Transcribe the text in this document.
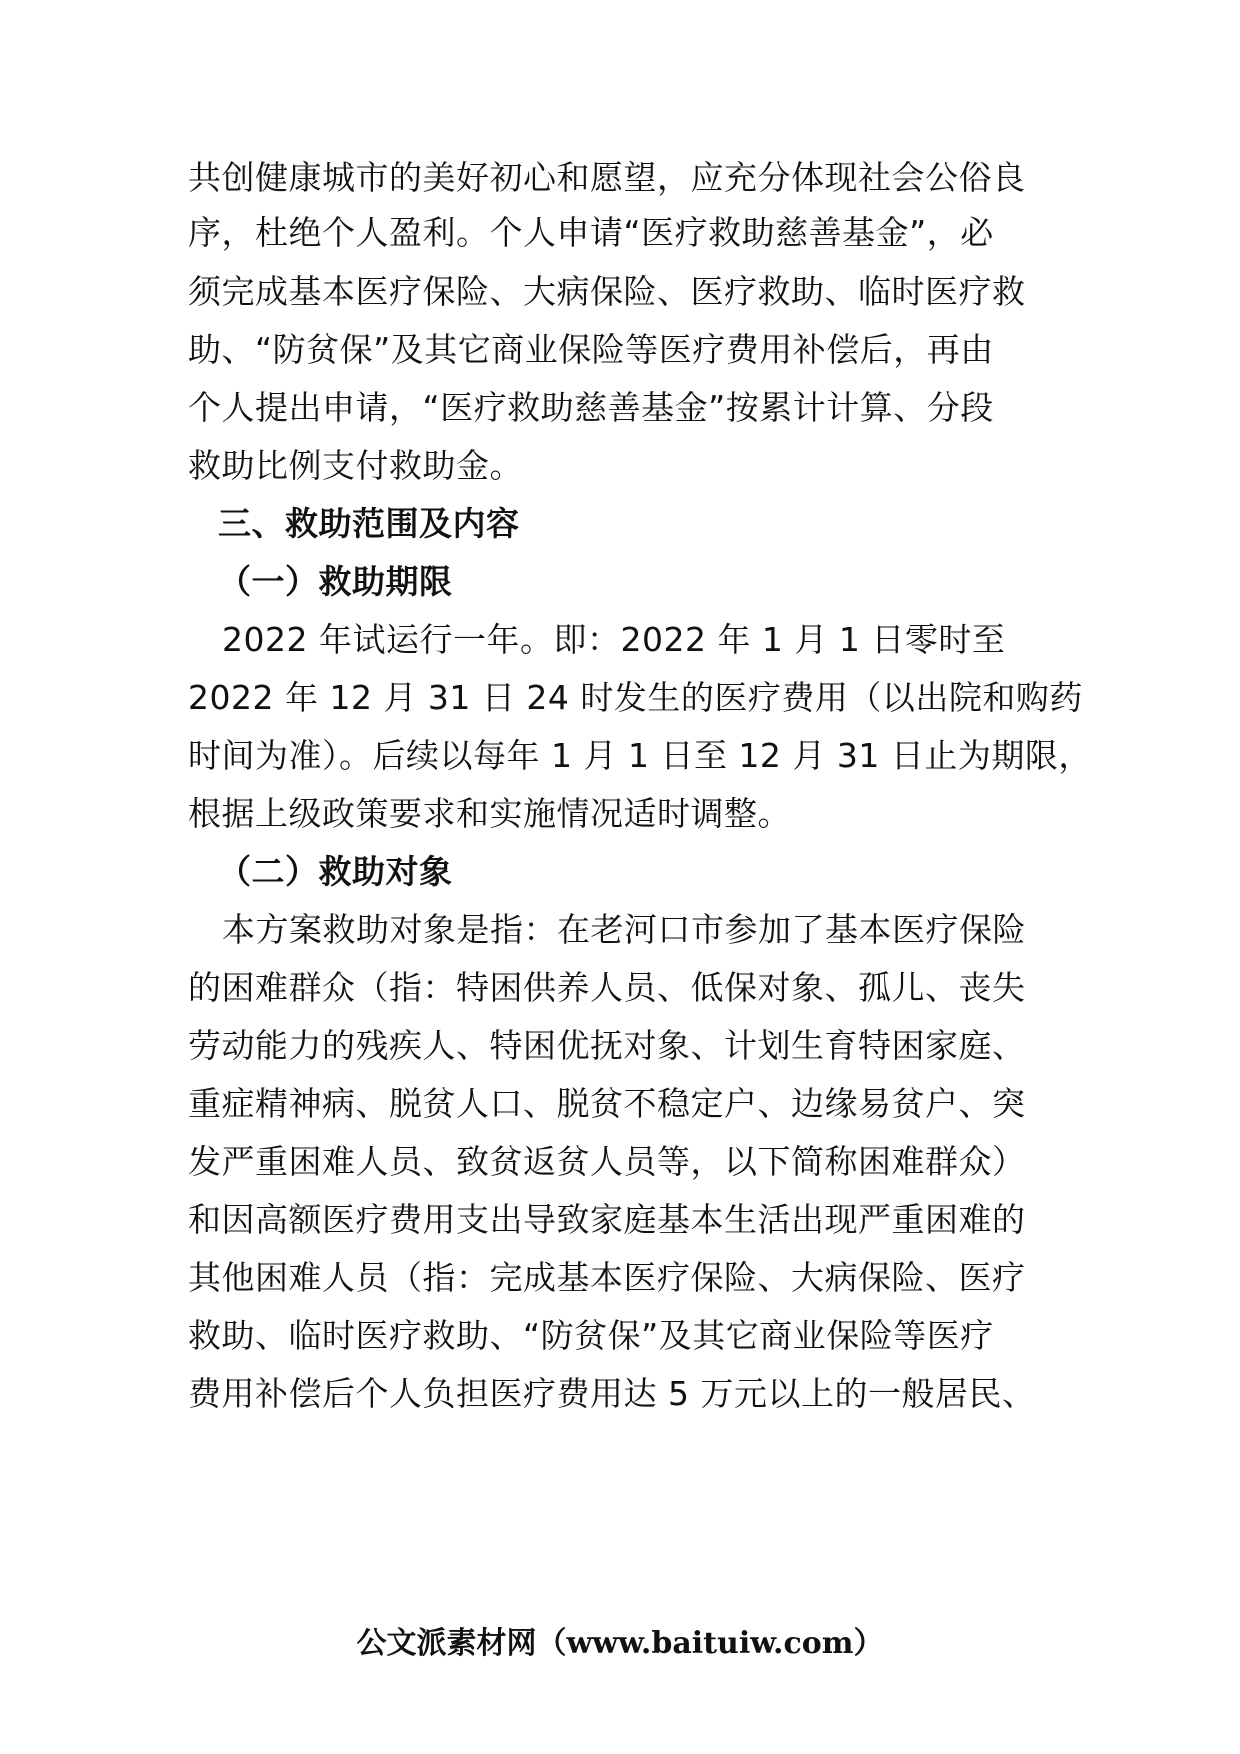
共创健康城市的美好初心和愿望，应充分体现社会公俗良
序，杜绝个人盈利。个人申请“医疗救助慈善基金”，必
须完成基本医疗保险、大病保险、医疗救助、临时医疗救
助、“防贫保”及其它商业保险等医疗费用补偿后，再由
个人提出申请，“医疗救助慈善基金”按累计计算、分段
救助比例支付救助金。
三、救助范围及内容
（一）救助期限
2022 年试运行一年。即：2022 年 1 月 1 日零时至
2022 年 12 月 31 日 24 时发生的医疗费用（以出院和购药
时间为准）。后续以每年 1 月 1 日至 12 月 31 日止为期限，
根据上级政策要求和实施情况适时调整。
（二）救助对象
本方案救助对象是指：在老河口市参加了基本医疗保险
的困难群众（指：特困供养人员、低保对象、孤儿、丧失
劳动能力的残疾人、特困优抚对象、计划生育特困家庭、
重症精神病、脱贫人口、脱贫不稳定户、边缘易贫户、突
发严重困难人员、致贫返贫人员等，以下简称困难群众）
和因高额医疗费用支出导致家庭基本生活出现严重困难的
其他困难人员（指：完成基本医疗保险、大病保险、医疗
救助、临时医疗救助、“防贫保”及其它商业保险等医疗
费用补偿后个人负担医疗费用达 5 万元以上的一般居民、
公文派素材网（www.baituiw.com）
